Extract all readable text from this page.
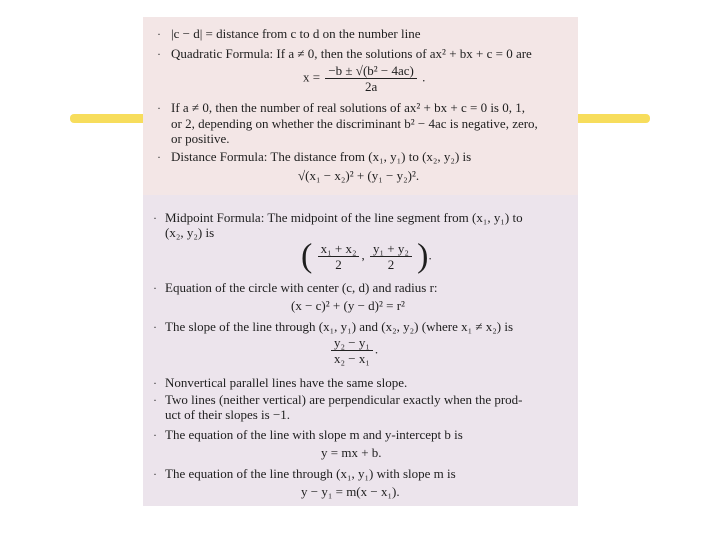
· |c − d| = distance from c to d on the number line
· Quadratic Formula: If a ≠ 0, then the solutions of ax² + bx + c = 0 are
$x = \frac{\text{−b ± √(b² − 4ac)}}{2a}$ .
· If a ≠ 0, then the number of real solutions of ax² + bx + c = 0 is 0, 1,
or 2, depending on whether the discriminant b² − 4ac is negative, zero,
or positive.
· Distance Formula: The distance from (x₁, y₁) to (x₂, y₂) is
√(x₁ − x₂)² + (y₁ − y₂)².
· Midpoint Formula: The midpoint of the line segment from (x₁, y₁) to
(x₂, y₂) is
( $\frac{\text{x₁ + x₂}}{2}$ , $\frac{\text{y₁ + y₂}}{2}$ ).
· Equation of the circle with center (c, d) and radius r:
(x − c)² + (y − d)² = r²
· The slope of the line through (x₁, y₁) and (x₂, y₂) (where x₁ ≠ x₂) is
$\frac{\text{y₂ − y₁}}{\text{x₂ − x₁}}$ .
· Nonvertical parallel lines have the same slope.
· Two lines (neither vertical) are perpendicular exactly when the prod-
uct of their slopes is −1.
· The equation of the line with slope m and y-intercept b is
y = mx + b.
· The equation of the line through (x₁, y₁) with slope m is
y − y₁ = m(x − x₁).
